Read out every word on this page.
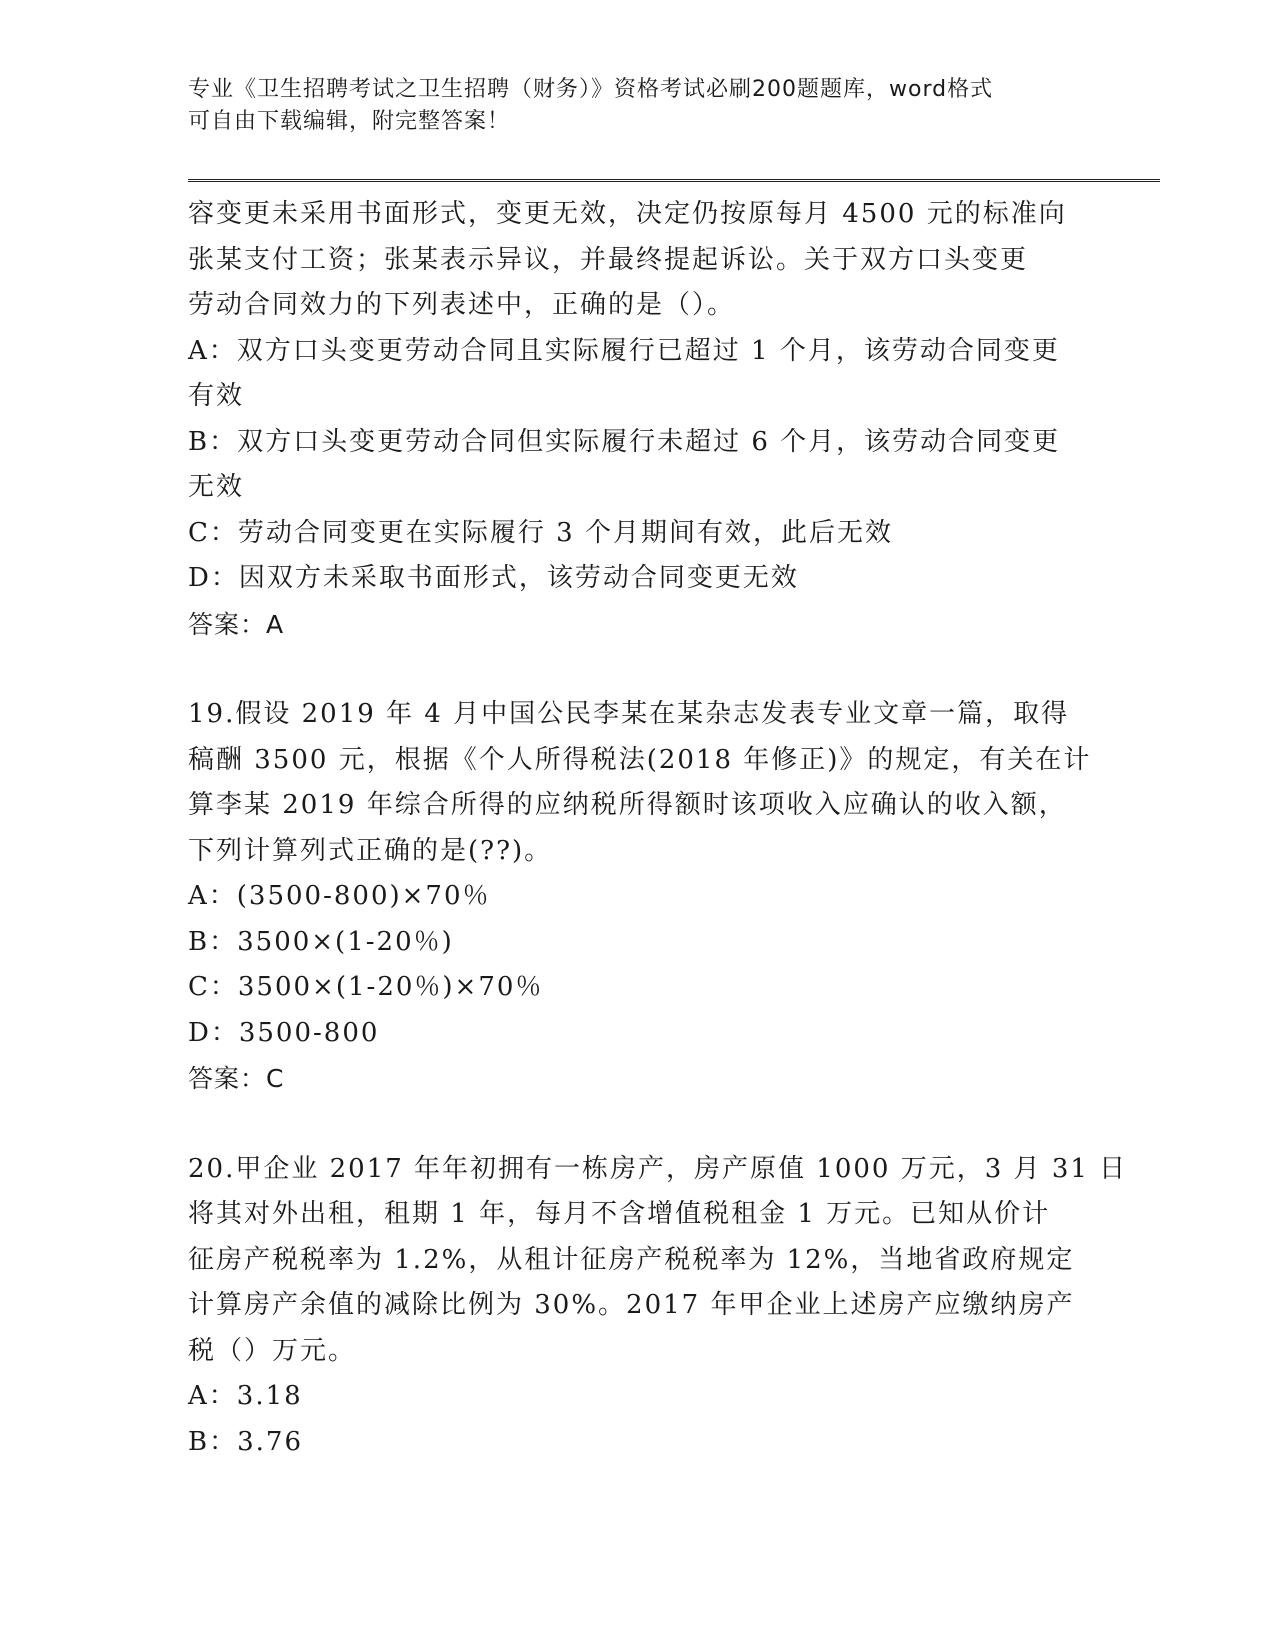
专业《卫生招聘考试之卫生招聘（财务）》资格考试必刷200题题库，word格式
可自由下载编辑，附完整答案！
容变更未采用书面形式，变更无效，决定仍按原每月 4500 元的标准向
张某支付工资；张某表示异议，并最终提起诉讼。关于双方口头变更
劳动合同效力的下列表述中，正确的是（）。
A：双方口头变更劳动合同且实际履行已超过 1 个月，该劳动合同变更
有效
B：双方口头变更劳动合同但实际履行未超过 6 个月，该劳动合同变更
无效
C：劳动合同变更在实际履行 3 个月期间有效，此后无效
D：因双方未采取书面形式，该劳动合同变更无效
答案：A
19.假设 2019 年 4 月中国公民李某在某杂志发表专业文章一篇，取得
稿酬 3500 元，根据《个人所得税法(2018 年修正)》的规定，有关在计
算李某 2019 年综合所得的应纳税所得额时该项收入应确认的收入额，
下列计算列式正确的是(??)。
A：(3500-800)×70％
B：3500×(1-20％)
C：3500×(1-20％)×70％
D：3500-800
答案：C
20.甲企业 2017 年年初拥有一栋房产，房产原值 1000 万元，3 月 31 日
将其对外出租，租期 1 年，每月不含增值税租金 1 万元。已知从价计
征房产税税率为 1.2%，从租计征房产税税率为 12%，当地省政府规定
计算房产余值的减除比例为 30%。2017 年甲企业上述房产应缴纳房产
税（）万元。
A：3.18
B：3.76
